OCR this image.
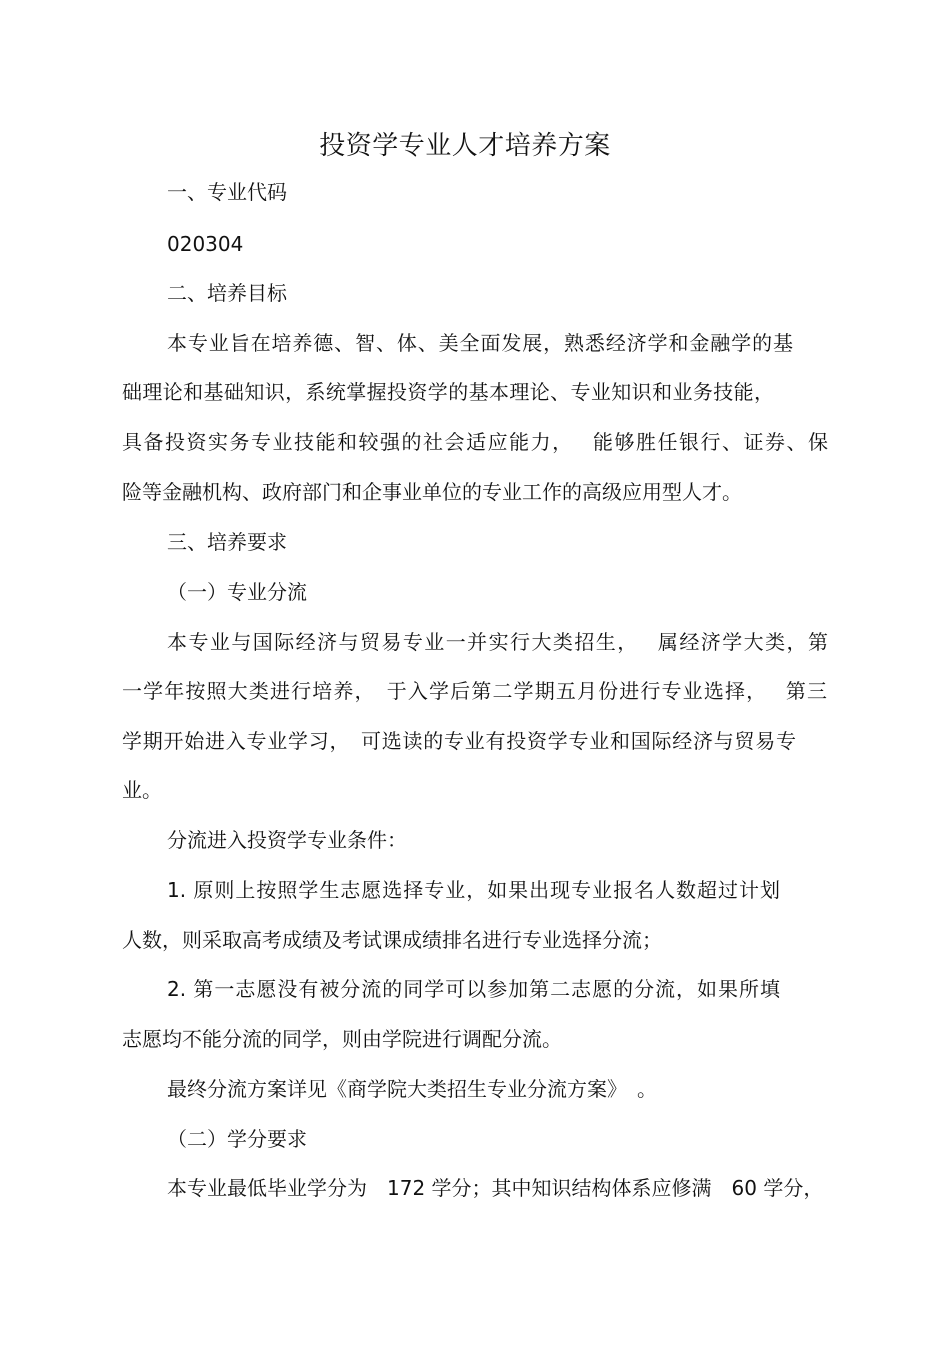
投资学专业人才培养方案
一、专业代码
020304
二、培养目标
本专业旨在培养德、智、体、美全面发展，熟悉经济学和金融学的基
础理论和基础知识，系统掌握投资学的基本理论、专业知识和业务技能，
具备投资实务专业技能和较强的社会适应能力，　 能够胜任银行、证券、保
险等金融机构、政府部门和企事业单位的专业工作的高级应用型人才。
三、培养要求
（一）专业分流
本专业与国际经济与贸易专业一并实行大类招生，　 属经济学大类，第
一学年按照大类进行培养，　于入学后第二学期五月份进行专业选择，　 第三
学期开始进入专业学习，　可选读的专业有投资学专业和国际经济与贸易专
业。
分流进入投资学专业条件：
1. 原则上按照学生志愿选择专业，如果出现专业报名人数超过计划
人数，则采取高考成绩及考试课成绩排名进行专业选择分流；
2. 第一志愿没有被分流的同学可以参加第二志愿的分流，如果所填
志愿均不能分流的同学，则由学院进行调配分流。
最终分流方案详见《商学院大类招生专业分流方案》　。
（二）学分要求
本专业最低毕业学分为　172 学分；其中知识结构体系应修满　60 学分，
